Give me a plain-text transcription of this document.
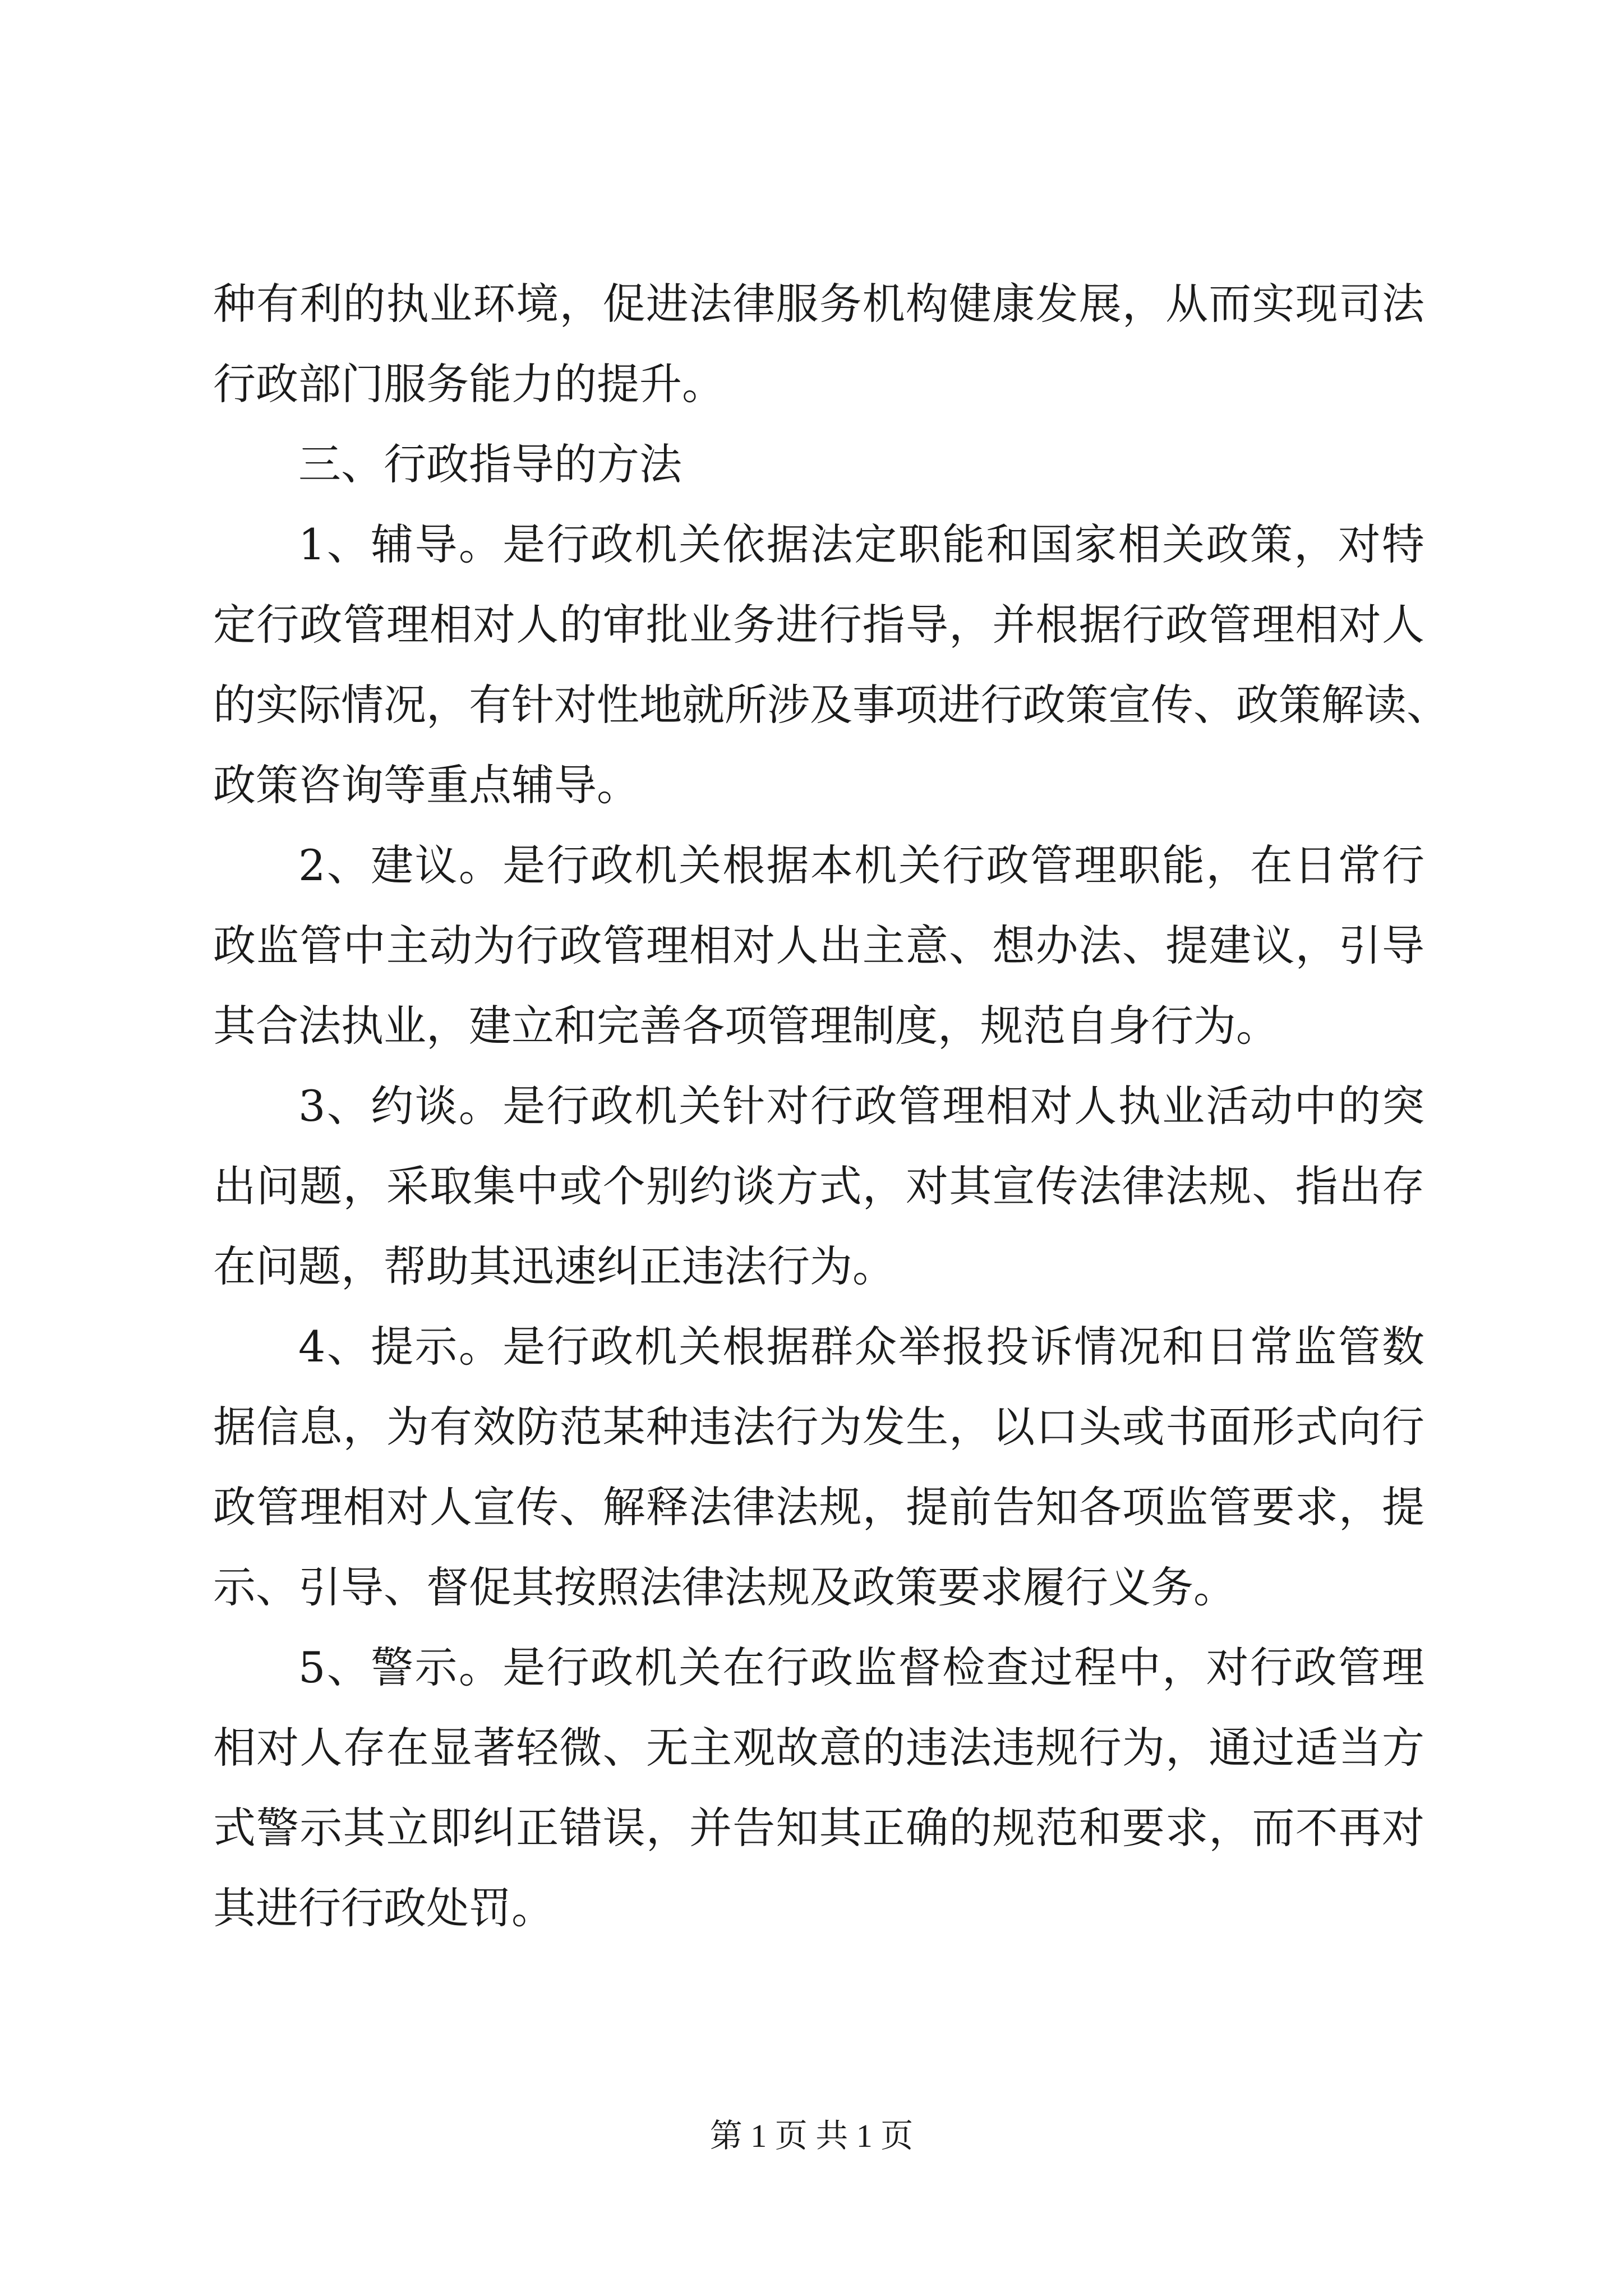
种有利的执业环境，促进法律服务机构健康发展，从而实现司法
行政部门服务能力的提升。
三、行政指导的方法
1、辅导。是行政机关依据法定职能和国家相关政策，对特
定行政管理相对人的审批业务进行指导，并根据行政管理相对人
的实际情况，有针对性地就所涉及事项进行政策宣传、政策解读、
政策咨询等重点辅导。
2、建议。是行政机关根据本机关行政管理职能，在日常行
政监管中主动为行政管理相对人出主意、想办法、提建议，引导
其合法执业，建立和完善各项管理制度，规范自身行为。
3、约谈。是行政机关针对行政管理相对人执业活动中的突
出问题，采取集中或个别约谈方式，对其宣传法律法规、指出存
在问题，帮助其迅速纠正违法行为。
4、提示。是行政机关根据群众举报投诉情况和日常监管数
据信息，为有效防范某种违法行为发生，以口头或书面形式向行
政管理相对人宣传、解释法律法规，提前告知各项监管要求，提
示、引导、督促其按照法律法规及政策要求履行义务。
5、警示。是行政机关在行政监督检查过程中，对行政管理
相对人存在显著轻微、无主观故意的违法违规行为，通过适当方
式警示其立即纠正错误，并告知其正确的规范和要求，而不再对
其进行行政处罚。
第 1 页 共 1 页
